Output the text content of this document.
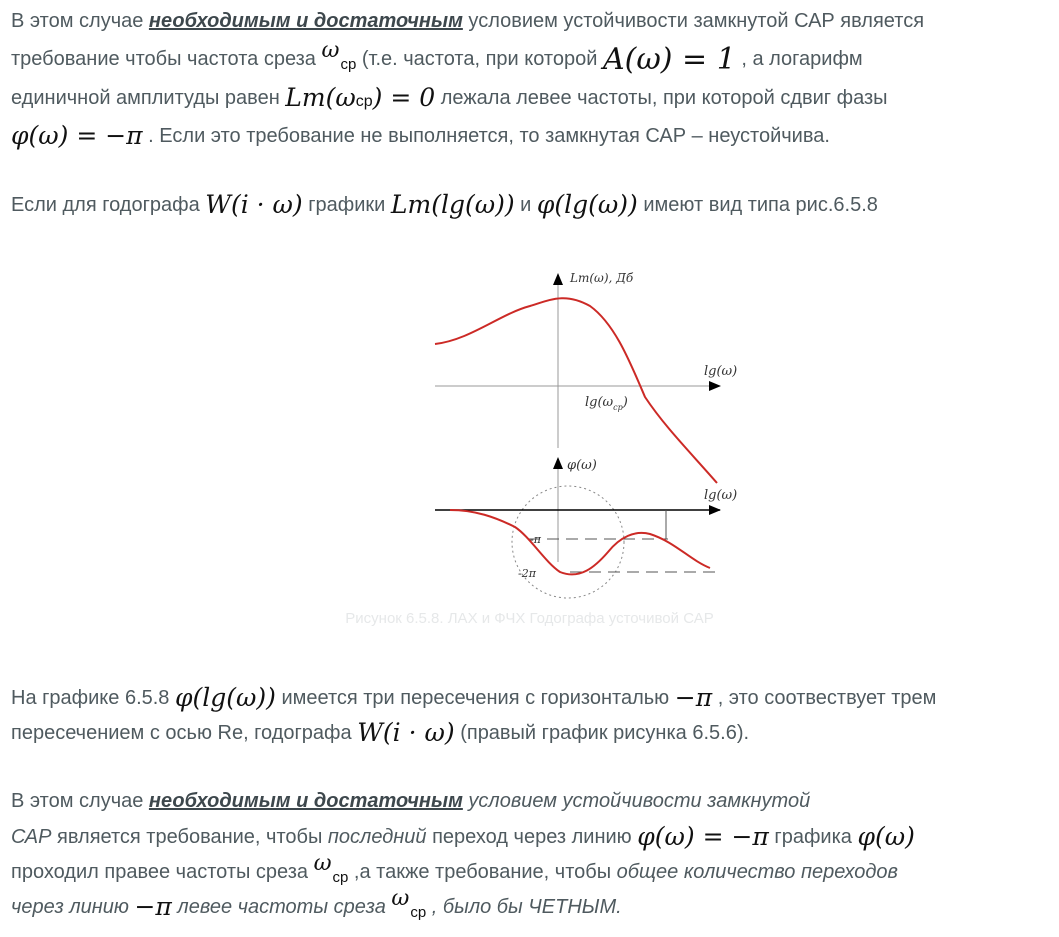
В этом случае необходимым и достаточным условием устойчивости замкнутой САР является

требование чтобы частота среза $\omega_{ср}$ (т.е. частота, при которой A(ω) = 1 , а логарифм

единичной амплитуды равен Lm(ωср) = 0 лежала левее частоты, при которой сдвиг фазы

φ(ω) = −π . Если это требование не выполняется, то замкнутая САР – неустойчива.

Если для годографа W(i · ω) графики Lm(lg(ω)) и φ(lg(ω)) имеют вид типа рис.6.5.8

Lm(ω), Дб
lg(ω)
$\lg(\omega_{ср})$
φ(ω)
lg(ω)
-π
-2π
Рисунок 6.5.8. ЛАХ и ФЧХ Годографа усточивой САР

На графике 6.5.8 φ(lg(ω)) имеется три пересечения с горизонталью −π , это соотвествует трем

пересечением с осью Re, годографа W(i · ω) (правый график рисунка 6.5.6).

В этом случае необходимым и достаточным условием устойчивости замкнутой

САР является требование, чтобы последний переход через линию φ(ω) = −π графика φ(ω)

проходил правее частоты среза $\omega_{ср}$ ,а также требование, чтобы общее количество переходов

через линию −π левее частоты среза $\omega_{ср}$ , было бы ЧЕТНЫМ.
